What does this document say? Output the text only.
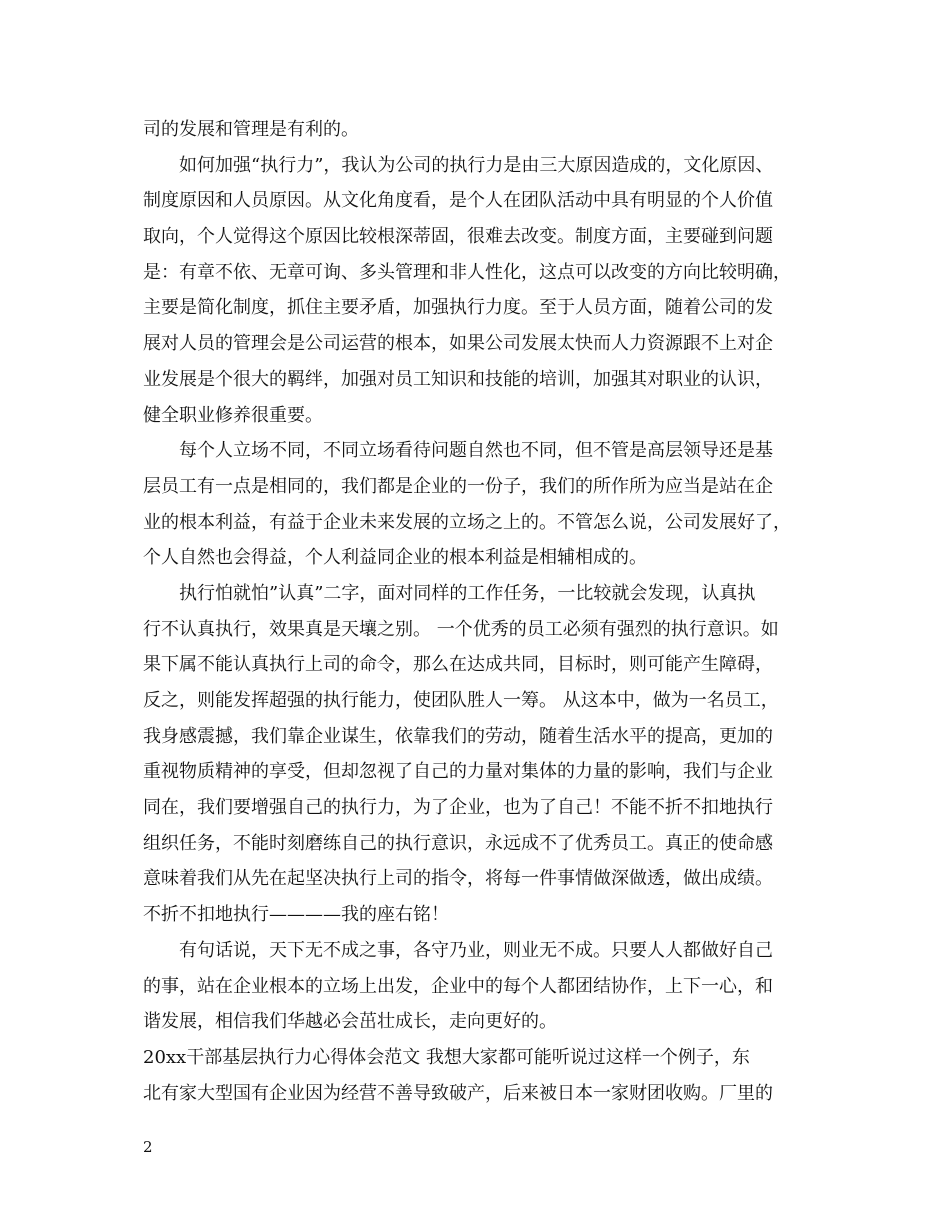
司的发展和管理是有利的。
如何加强“执行力”，我认为公司的执行力是由三大原因造成的，文化原因、
制度原因和人员原因。从文化角度看，是个人在团队活动中具有明显的个人价值
取向，个人觉得这个原因比较根深蒂固，很难去改变。制度方面，主要碰到问题
是：有章不依、无章可询、多头管理和非人性化，这点可以改变的方向比较明确，
主要是简化制度，抓住主要矛盾，加强执行力度。至于人员方面，随着公司的发
展对人员的管理会是公司运营的根本，如果公司发展太快而人力资源跟不上对企
业发展是个很大的羁绊，加强对员工知识和技能的培训，加强其对职业的认识，
健全职业修养很重要。
每个人立场不同，不同立场看待问题自然也不同，但不管是高层领导还是基
层员工有一点是相同的，我们都是企业的一份子，我们的所作所为应当是站在企
业的根本利益，有益于企业未来发展的立场之上的。不管怎么说，公司发展好了，
个人自然也会得益，个人利益同企业的根本利益是相辅相成的。
执行怕就怕”认真”二字，面对同样的工作任务，一比较就会发现，认真执
行不认真执行，效果真是天壤之别。 一个优秀的员工必须有强烈的执行意识。如
果下属不能认真执行上司的命令，那么在达成共同，目标时，则可能产生障碍，
反之，则能发挥超强的执行能力，使团队胜人一筹。 从这本中，做为一名员工，
我身感震撼，我们靠企业谋生，依靠我们的劳动，随着生活水平的提高，更加的
重视物质精神的享受，但却忽视了自己的力量对集体的力量的影响，我们与企业
同在，我们要增强自己的执行力，为了企业，也为了自己！不能不折不扣地执行
组织任务，不能时刻磨练自己的执行意识，永远成不了优秀员工。真正的使命感
意味着我们从先在起坚决执行上司的指令，将每一件事情做深做透，做出成绩。
不折不扣地执行————我的座右铭！
有句话说，天下无不成之事，各守乃业，则业无不成。只要人人都做好自己
的事，站在企业根本的立场上出发，企业中的每个人都团结协作，上下一心，和
谐发展，相信我们华越必会茁壮成长，走向更好的。
20xx干部基层执行力心得体会范文 我想大家都可能听说过这样一个例子，东
北有家大型国有企业因为经营不善导致破产，后来被日本一家财团收购。厂里的
2
